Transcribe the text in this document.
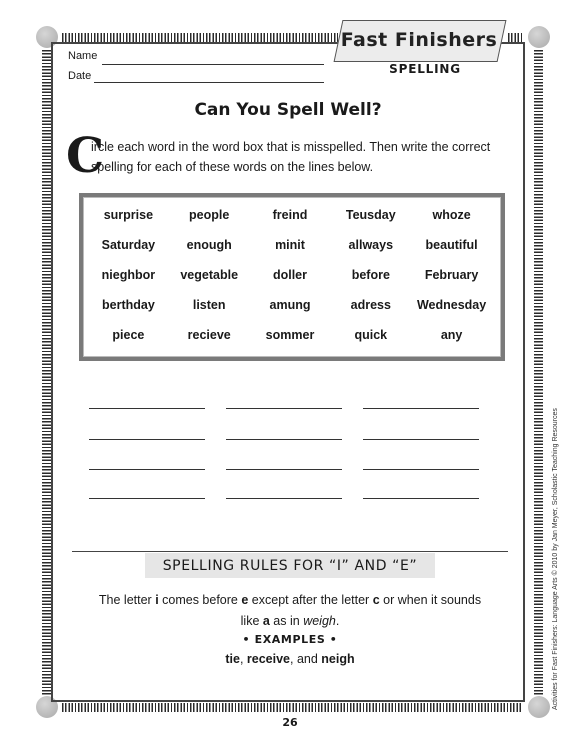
Name
Date
Fast Finishers
SPELLING
Can You Spell Well?
C
ircle each word in the word box that is misspelled. Then write the correct spelling for each of these words on the lines below.
surprise	people	freind	Teusday	whoze
Saturday	enough	minit	allways	beautiful
nieghbor	vegetable	doller	before	February
berthday	listen	amung	adress	Wednesday
piece	recieve	sommer	quick	any
SPELLING RULES FOR “I” AND “E”
The letter i comes before e except after the letter c or when it sounds like a as in weigh.
• EXAMPLES •
tie, receive, and neigh
26
Activities for Fast Finishers: Language Arts © 2010 by Jan Meyer, Scholastic Teaching Resources
